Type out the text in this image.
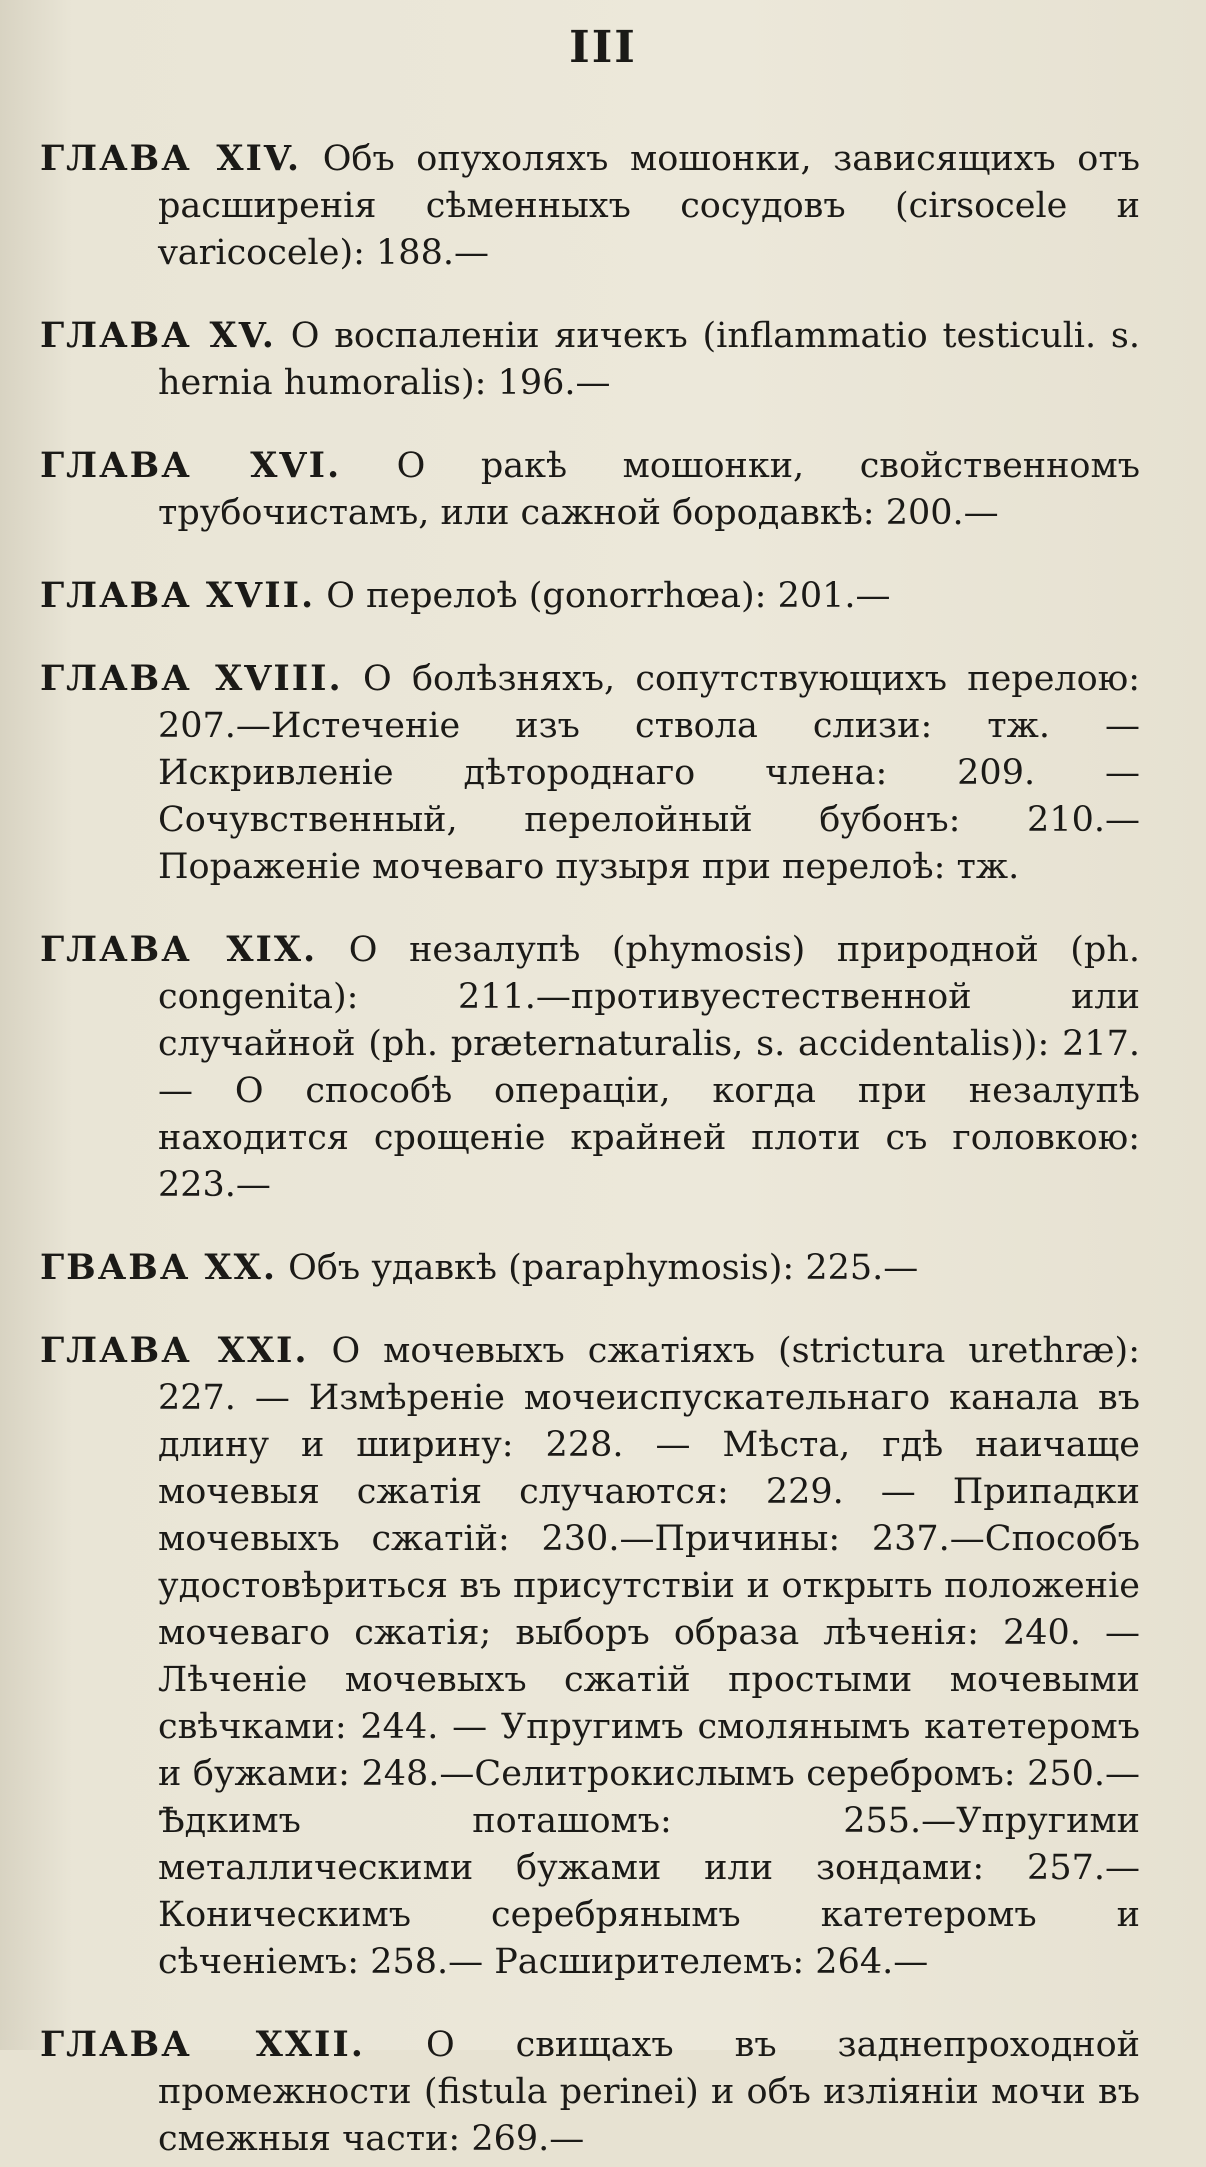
III

ГЛАВА XIV. Объ опухоляхъ мошонки, зависящихъ отъ расширенія сѣменныхъ сосудовъ (cirsocele и varicocele): 188.—

ГЛАВА XV. О воспаленіи яичекъ (inflammatio testiculi. s. hernia humoralis): 196.—

ГЛАВА XVI. О ракѣ мошонки, свойственномъ трубочистамъ, или сажной бородавкѣ: 200.—

ГЛАВА XVII. О перелоѣ (gonorrhœa): 201.—

ГЛАВА XVIII. О болѣзняхъ, сопутствующихъ перелою: 207.—Истеченіе изъ ствола слизи: тж. — Искривленіе дѣтороднаго члена: 209. — Сочувственный, перелойный бубонъ: 210.—Пораженіе мочеваго пузыря при перелоѣ: тж.

ГЛАВА XIX. О незалупѣ (phymosis) природной (ph. congenita): 211.—противуестественной или случайной (ph. præternaturalis, s. accidentalis)): 217.— О способѣ операціи, когда при незалупѣ находится срощеніе крайней плоти съ головкою: 223.—

ГВАВА XX. Объ удавкѣ (paraphymosis): 225.—

ГЛАВА XXI. О мочевыхъ сжатіяхъ (strictura urethræ): 227. — Измѣреніе мочеиспускательнаго канала въ длину и ширину: 228. — Мѣста, гдѣ наичаще мочевыя сжатія случаются: 229. — Припадки мочевыхъ сжатій: 230.—Причины: 237.—Способъ удостовѣриться въ присутствіи и открыть положеніе мочеваго сжатія; выборъ образа лѣченія: 240. — Лѣченіе мочевыхъ сжатій простыми мочевыми свѣчками: 244. — Упругимъ смолянымъ катетеромъ и бужами: 248.—Селитрокислымъ серебромъ: 250.— Ѣдкимъ поташомъ: 255.—Упругими металлическими бужами или зондами: 257.— Коническимъ серебрянымъ катетеромъ и сѣченіемъ: 258.— Расширителемъ: 264.—

ГЛАВА XXII. О свищахъ въ заднепроходной промежности (fistula perinei) и объ изліяніи мочи въ смежныя части: 269.—
